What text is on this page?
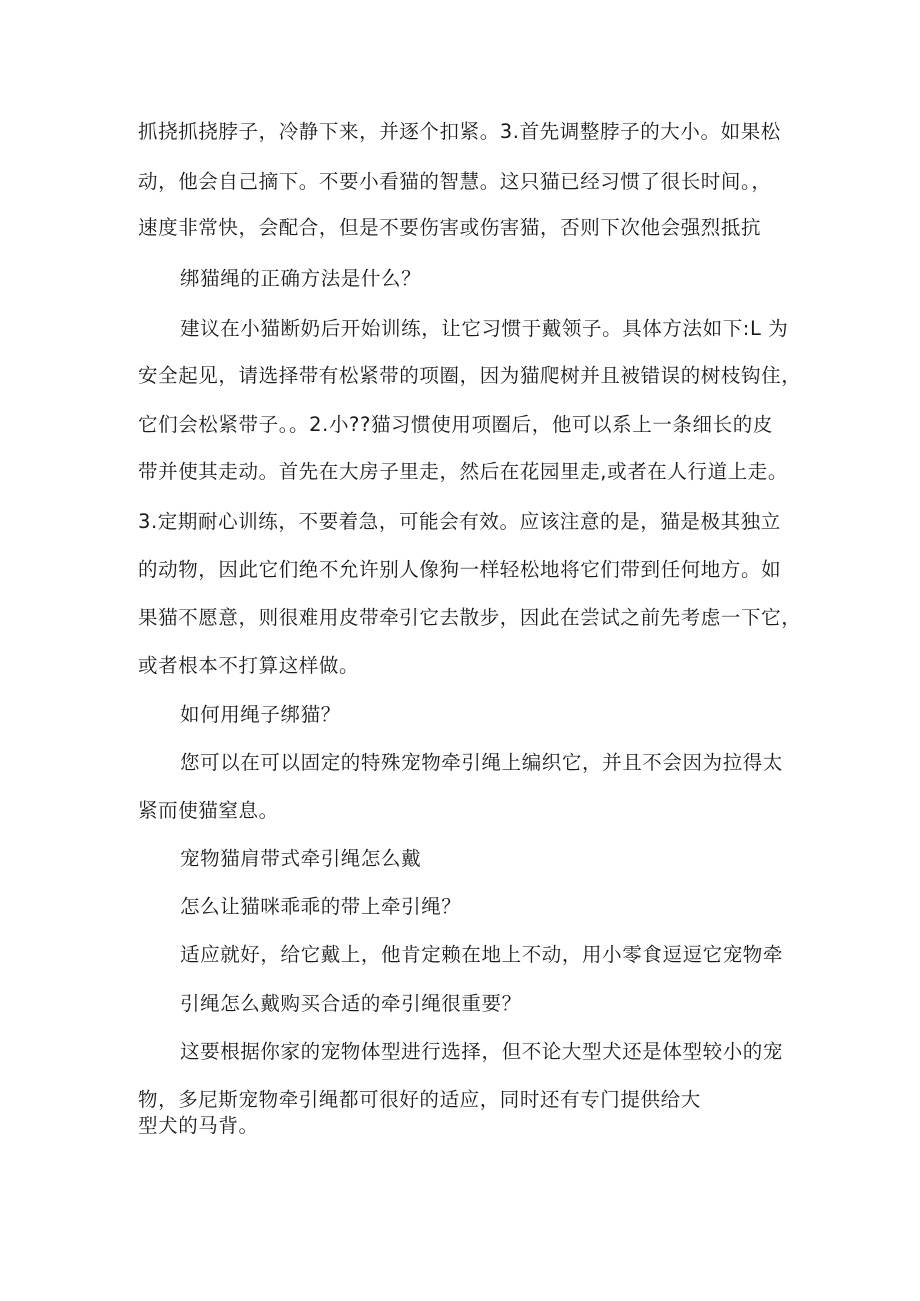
抓挠抓挠脖子，冷静下来，并逐个扣紧。3.首先调整脖子的大小。如果松
动，他会自己摘下。不要小看猫的智慧。这只猫已经习惯了很长时间。，
速度非常快，会配合，但是不要伤害或伤害猫，否则下次他会强烈抵抗
绑猫绳的正确方法是什么？
建议在小猫断奶后开始训练，让它习惯于戴领子。具体方法如下:L 为
安全起见，请选择带有松紧带的项圈，因为猫爬树并且被错误的树枝钩住，
它们会松紧带子。。2.小??猫习惯使用项圈后，他可以系上一条细长的皮
带并使其走动。首先在大房子里走，然后在花园里走,或者在人行道上走。
3.定期耐心训练，不要着急，可能会有效。应该注意的是，猫是极其独立
的动物，因此它们绝不允许别人像狗一样轻松地将它们带到任何地方。如
果猫不愿意，则很难用皮带牵引它去散步，因此在尝试之前先考虑一下它，
或者根本不打算这样做。
如何用绳子绑猫？
您可以在可以固定的特殊宠物牵引绳上编织它，并且不会因为拉得太
紧而使猫窒息。
宠物猫肩带式牵引绳怎么戴
怎么让猫咪乖乖的带上牵引绳？
适应就好，给它戴上，他肯定赖在地上不动，用小零食逗逗它宠物牵
引绳怎么戴购买合适的牵引绳很重要？
这要根据你家的宠物体型进行选择，但不论大型犬还是体型较小的宠
物，多尼斯宠物牵引绳都可很好的适应，同时还有专门提供给大
型犬的马背。
